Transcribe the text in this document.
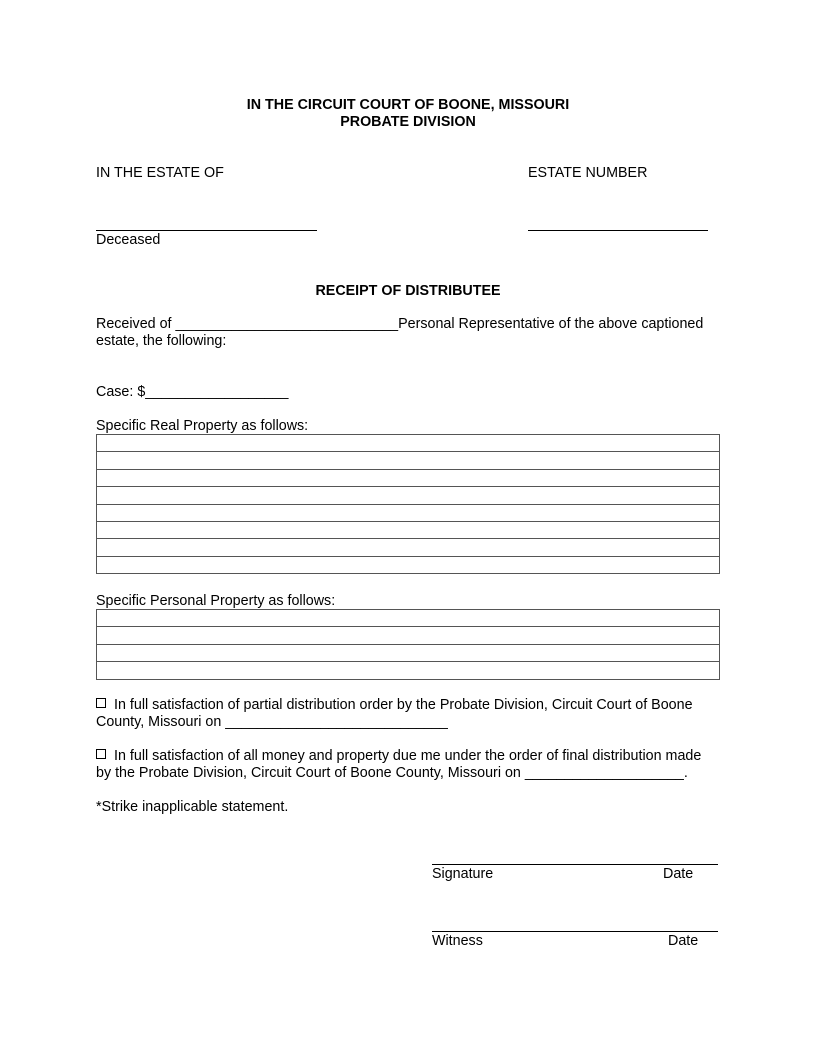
IN THE CIRCUIT COURT OF BOONE, MISSOURI
PROBATE DIVISION
IN THE ESTATE OF	ESTATE NUMBER
Deceased
RECEIPT OF DISTRIBUTEE
Received of ____________________________Personal Representative of the above captioned
estate, the following:
Case: $__________________
Specific Real Property as follows:

Specific Personal Property as follows:

In full satisfaction of partial distribution order by the Probate Division, Circuit Court of Boone
County, Missouri on ____________________________
In full satisfaction of all money and property due me under the order of final distribution made
by the Probate Division, Circuit Court of Boone County, Missouri on ____________________.
*Strike inapplicable statement.
Signature	Date
Witness	Date
